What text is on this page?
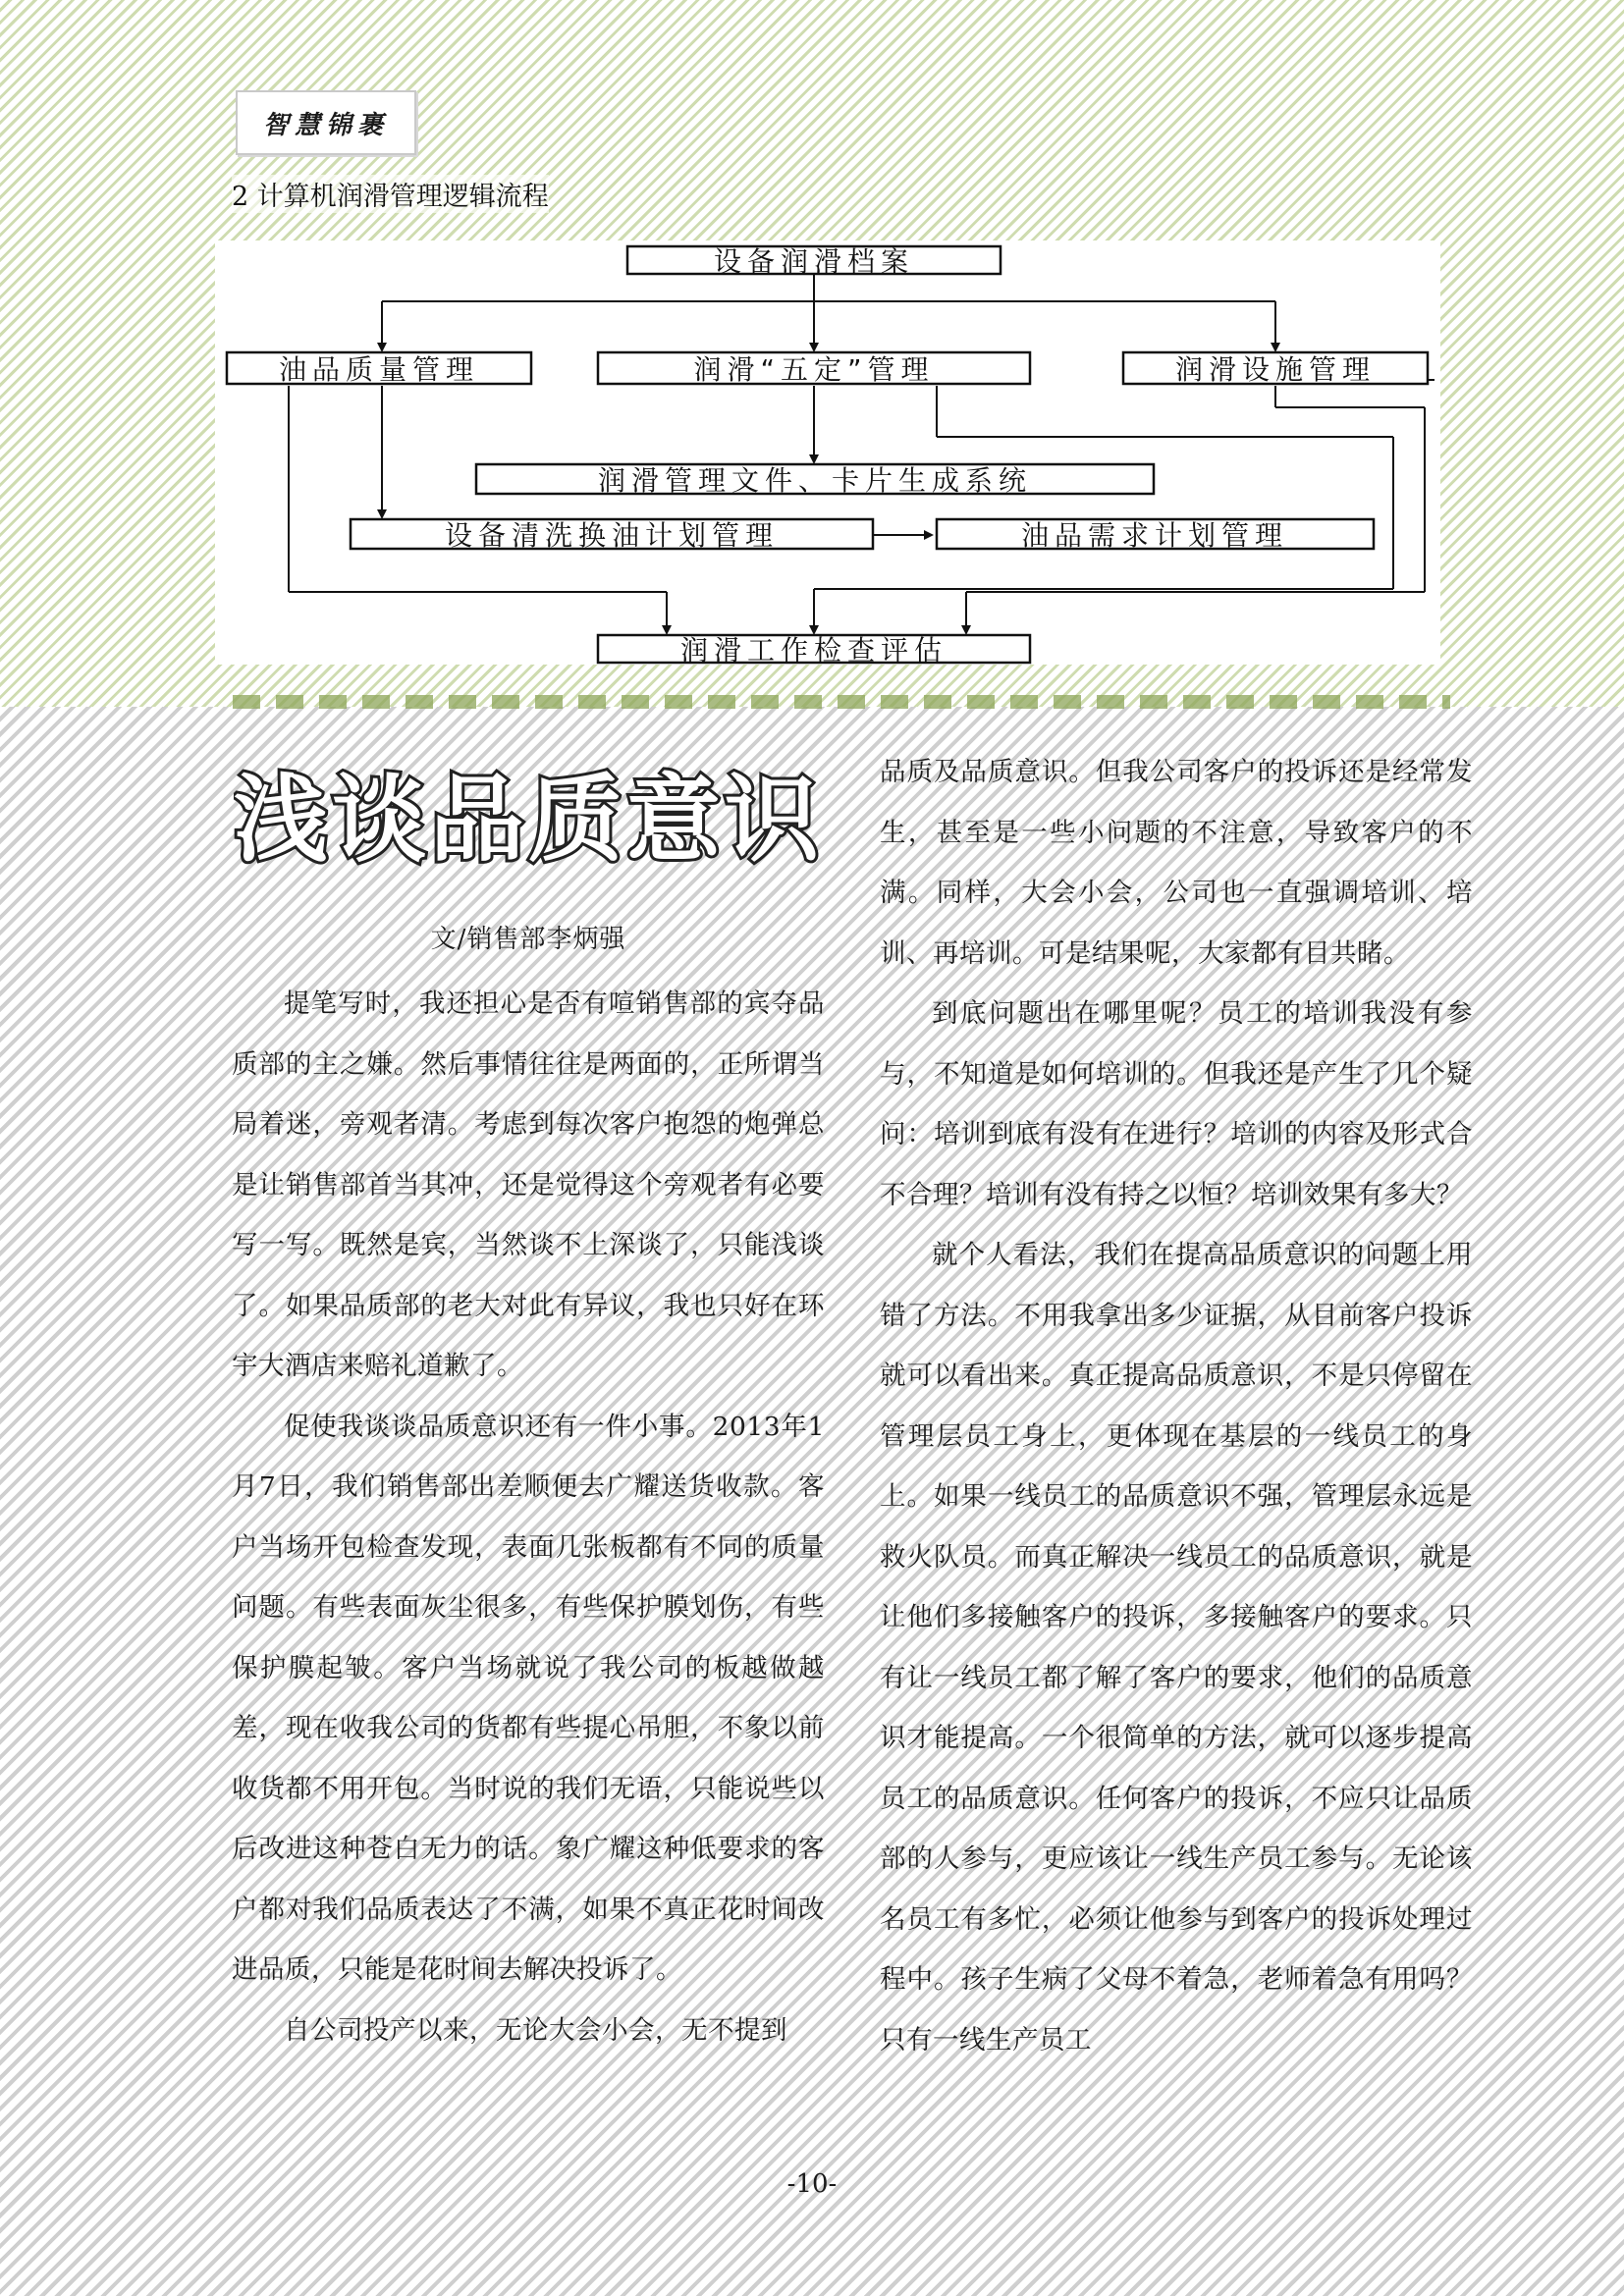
智慧锦裹
2 计算机润滑管理逻辑流程
设备润滑档案
油品质量管理	润滑“五定”管理	润滑设施管理
润滑管理文件、卡片生成系统
设备清洗换油计划管理	油品需求计划管理
润滑工作检查评估
浅谈品质意识
文/销售部李炳强

提笔写时，我还担心是否有喧销售部的宾夺品质部的主之嫌。然后事情往往是两面的，正所谓当局着迷，旁观者清。考虑到每次客户抱怨的炮弹总是让销售部首当其冲，还是觉得这个旁观者有必要写一写。既然是宾，当然谈不上深谈了，只能浅谈了。如果品质部的老大对此有异议，我也只好在环宇大酒店来赔礼道歉了。

促使我谈谈品质意识还有一件小事。2013年1月7日，我们销售部出差顺便去广耀送货收款。客户当场开包检查发现，表面几张板都有不同的质量问题。有些表面灰尘很多，有些保护膜划伤，有些保护膜起皱。客户当场就说了我公司的板越做越差，现在收我公司的货都有些提心吊胆，不象以前收货都不用开包。当时说的我们无语，只能说些以后改进这种苍白无力的话。象广耀这种低要求的客户都对我们品质表达了不满，如果不真正花时间改进品质，只能是花时间去解决投诉了。

自公司投产以来，无论大会小会，无不提到

品质及品质意识。但我公司客户的投诉还是经常发生，甚至是一些小问题的不注意，导致客户的不满。同样，大会小会，公司也一直强调培训、培训、再培训。可是结果呢，大家都有目共睹。

到底问题出在哪里呢？员工的培训我没有参与，不知道是如何培训的。但我还是产生了几个疑问：培训到底有没有在进行？培训的内容及形式合不合理？培训有没有持之以恒？培训效果有多大？

就个人看法，我们在提高品质意识的问题上用错了方法。不用我拿出多少证据，从目前客户投诉就可以看出来。真正提高品质意识，不是只停留在管理层员工身上，更体现在基层的一线员工的身上。如果一线员工的品质意识不强，管理层永远是救火队员。而真正解决一线员工的品质意识，就是让他们多接触客户的投诉，多接触客户的要求。只有让一线员工都了解了客户的要求，他们的品质意识才能提高。一个很简单的方法，就可以逐步提高员工的品质意识。任何客户的投诉，不应只让品质部的人参与，更应该让一线生产员工参与。无论该名员工有多忙，必须让他参与到客户的投诉处理过程中。孩子生病了父母不着急，老师着急有用吗？只有一线生产员工

-10-
